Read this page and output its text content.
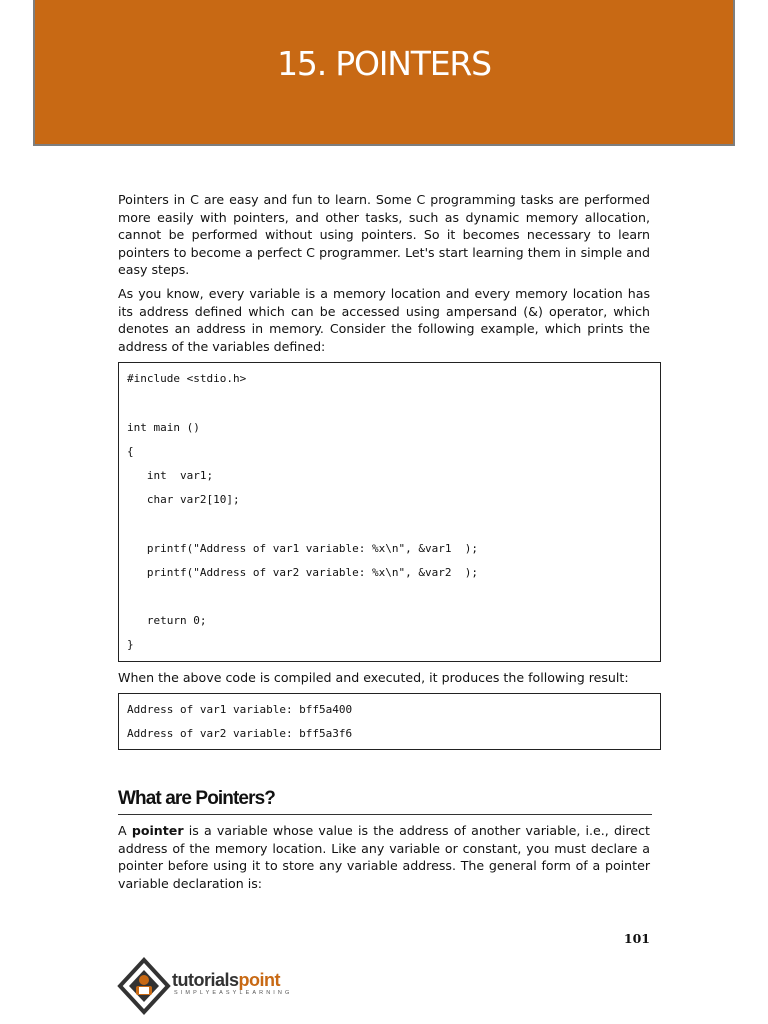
15. POINTERS

Pointers in C are easy and fun to learn. Some C programming tasks are performed more easily with pointers, and other tasks, such as dynamic memory allocation, cannot be performed without using pointers. So it becomes necessary to learn pointers to become a perfect C programmer. Let's start learning them in simple and easy steps.

As you know, every variable is a memory location and every memory location has its address defined which can be accessed using ampersand (&) operator, which denotes an address in memory. Consider the following example, which prints the address of the variables defined:

#include <stdio.h>
int main ()
{
int  var1;
char var2[10];
printf("Address of var1 variable: %x\n", &var1  );
printf("Address of var2 variable: %x\n", &var2  );
return 0;
}

When the above code is compiled and executed, it produces the following result:

Address of var1 variable: bff5a400
Address of var2 variable: bff5a3f6
What are Pointers?

A pointer is a variable whose value is the address of another variable, i.e., direct address of the memory location. Like any variable or constant, you must declare a pointer before using it to store any variable address. The general form of a pointer variable declaration is:

101
tutorialspoint
SIMPLYEASYLEARNING
